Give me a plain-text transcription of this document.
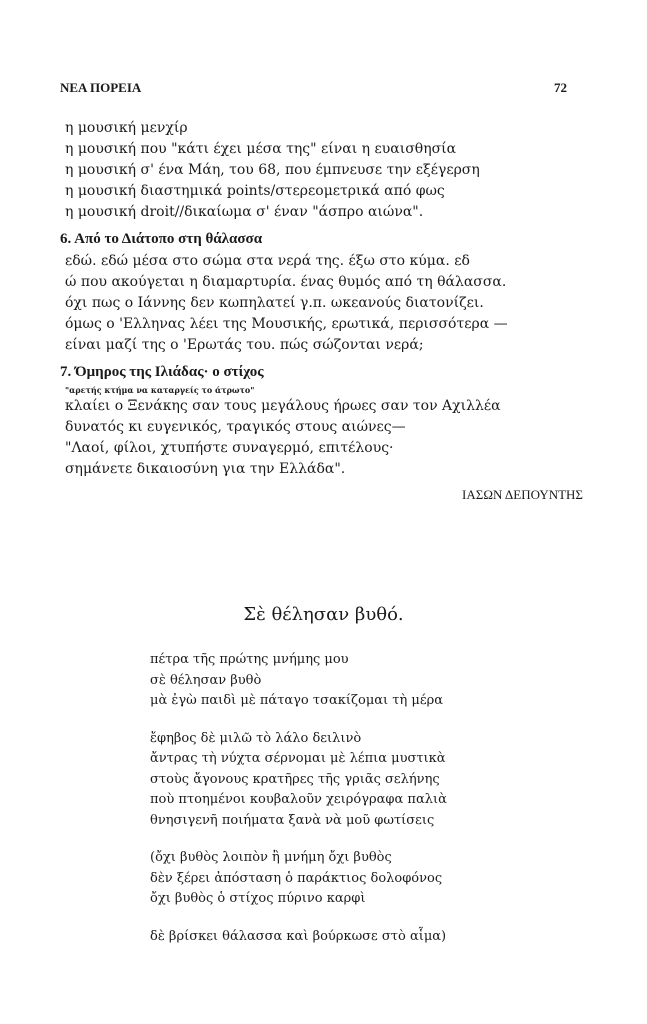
ΝΕΑ ΠΟΡΕΙΑ	72
η μουσική μενχίρ
η μουσική που "κάτι έχει μέσα της" είναι η ευαισθησία
η μουσική σ' ένα Μάη, του 68, που έμπνευσε την εξέγερση
η μουσική διαστημικά points/στερεομετρικά από φως
η μουσική droit//δικαίωμα σ' έναν "άσπρο αιώνα".
6. Από το Διάτοπο στη θάλασσα
εδώ. εδώ μέσα στο σώμα στα νερά της. έξω στο κύμα. εδ
ώ που ακούγεται η διαμαρτυρία. ένας θυμός από τη θάλασσα.
όχι πως ο Ιάννης δεν κωπηλατεί γ.π. ωκεανούς διατονίζει.
όμως ο 'Ελληνας λέει της Μουσικής, ερωτικά, περισσότερα —
είναι μαζί της ο 'Ερωτάς του. πώς σώζονται νερά;
7. Όμηρος της Ιλιάδας· ο στίχος
"αρετής κτήμα να καταργείς το άτρωτο"
κλαίει ο Ξενάκης σαν τους μεγάλους ήρωες σαν τον Αχιλλέα
δυνατός κι ευγενικός, τραγικός στους αιώνες—
"Λαοί, φίλοι, χτυπήστε συναγερμό, επιτέλους·
σημάνετε δικαιοσύνη για την Ελλάδα".
ΙΑΣΩΝ ΔΕΠΟΥΝΤΗΣ
Σὲ θέλησαν βυθό.
πέτρα τῆς πρώτης μνήμης μου
σὲ θέλησαν βυθὸ
μὰ ἐγὼ παιδὶ μὲ πάταγο τσακίζομαι τὴ μέρα
ἔφηβος δὲ μιλῶ τὸ λάλο δειλινὸ
ἄντρας τὴ νύχτα σέρνομαι μὲ λέπια μυστικὰ
στοὺς ἄγονους κρατῆρες τῆς γριᾶς σελήνης
ποὺ πτοημένοι κουβαλοῦν χειρόγραφα παλιὰ
θνησιγενῆ ποιήματα ξανὰ νὰ μοῦ φωτίσεις
(ὄχι βυθὸς λοιπὸν ἢ μνήμη ὄχι βυθὸς
δὲν ξέρει ἀπόσταση ὁ παράκτιος δολοφόνος
ὄχι βυθὸς ὁ στίχος πύρινο καρφὶ
δὲ βρίσκει θάλασσα καὶ βούρκωσε στὸ αἷμα)
